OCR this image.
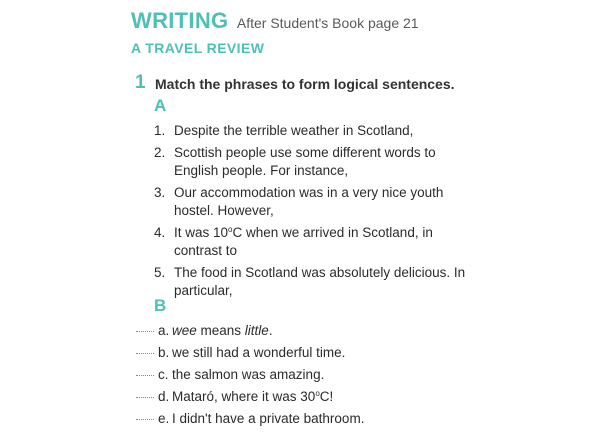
WRITING After Student's Book page 21
A TRAVEL REVIEW
1 Match the phrases to form logical sentences.
A
1. Despite the terrible weather in Scotland,
2. Scottish people use some different words to English people. For instance,
3. Our accommodation was in a very nice youth hostel. However,
4. It was 10$^o$C when we arrived in Scotland, in contrast to
5. The food in Scotland was absolutely delicious. In particular,
B
a. wee means little.
b. we still had a wonderful time.
c. the salmon was amazing.
d. Mataró, where it was 30$^o$C!
e. I didn't have a private bathroom.
